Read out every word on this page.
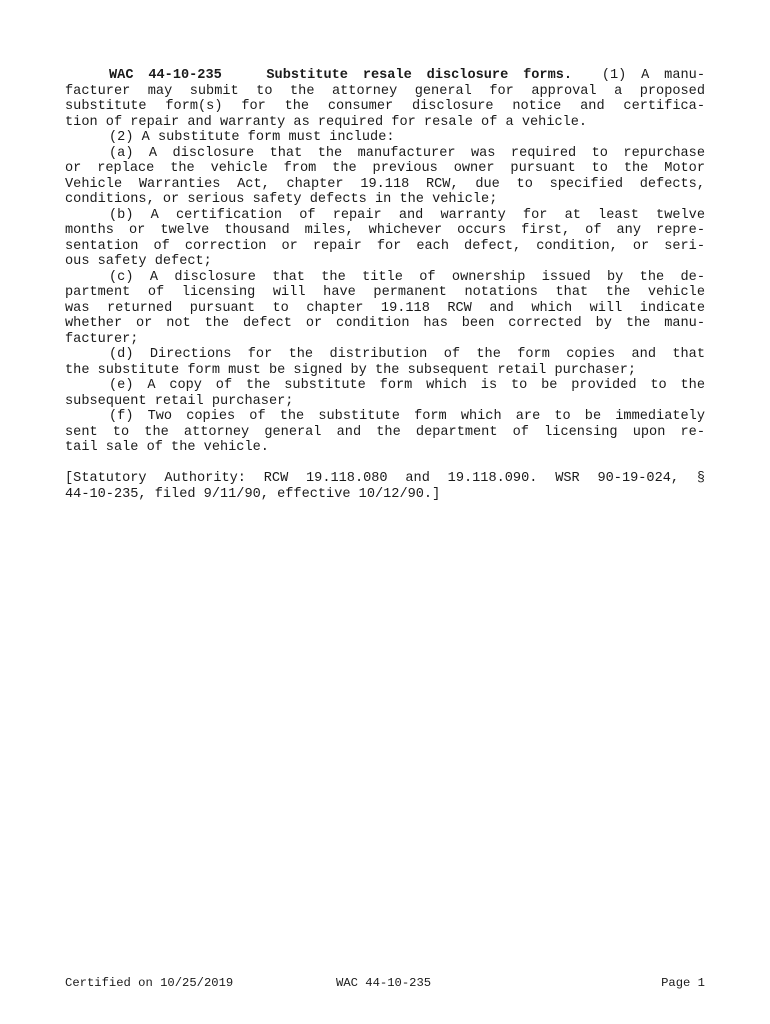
WAC 44-10-235	Substitute resale disclosure forms. (1) A manu-
facturer may submit to the attorney general for approval a proposed
substitute form(s) for the consumer disclosure notice and certifica-
tion of repair and warranty as required for resale of a vehicle.
(2) A substitute form must include:
(a) A disclosure that the manufacturer was required to repurchase
or replace the vehicle from the previous owner pursuant to the Motor
Vehicle Warranties Act, chapter 19.118 RCW, due to specified defects,
conditions, or serious safety defects in the vehicle;
(b) A certification of repair and warranty for at least twelve
months or twelve thousand miles, whichever occurs first, of any repre-
sentation of correction or repair for each defect, condition, or seri-
ous safety defect;
(c) A disclosure that the title of ownership issued by the de-
partment of licensing will have permanent notations that the vehicle
was returned pursuant to chapter 19.118 RCW and which will indicate
whether or not the defect or condition has been corrected by the manu-
facturer;
(d) Directions for the distribution of the form copies and that
the substitute form must be signed by the subsequent retail purchaser;
(e) A copy of the substitute form which is to be provided to the
subsequent retail purchaser;
(f) Two copies of the substitute form which are to be immediately
sent to the attorney general and the department of licensing upon re-
tail sale of the vehicle.
[Statutory Authority: RCW 19.118.080 and 19.118.090. WSR 90-19-024, §
44-10-235, filed 9/11/90, effective 10/12/90.]
Certified on 10/25/2019	WAC 44-10-235	Page 1
